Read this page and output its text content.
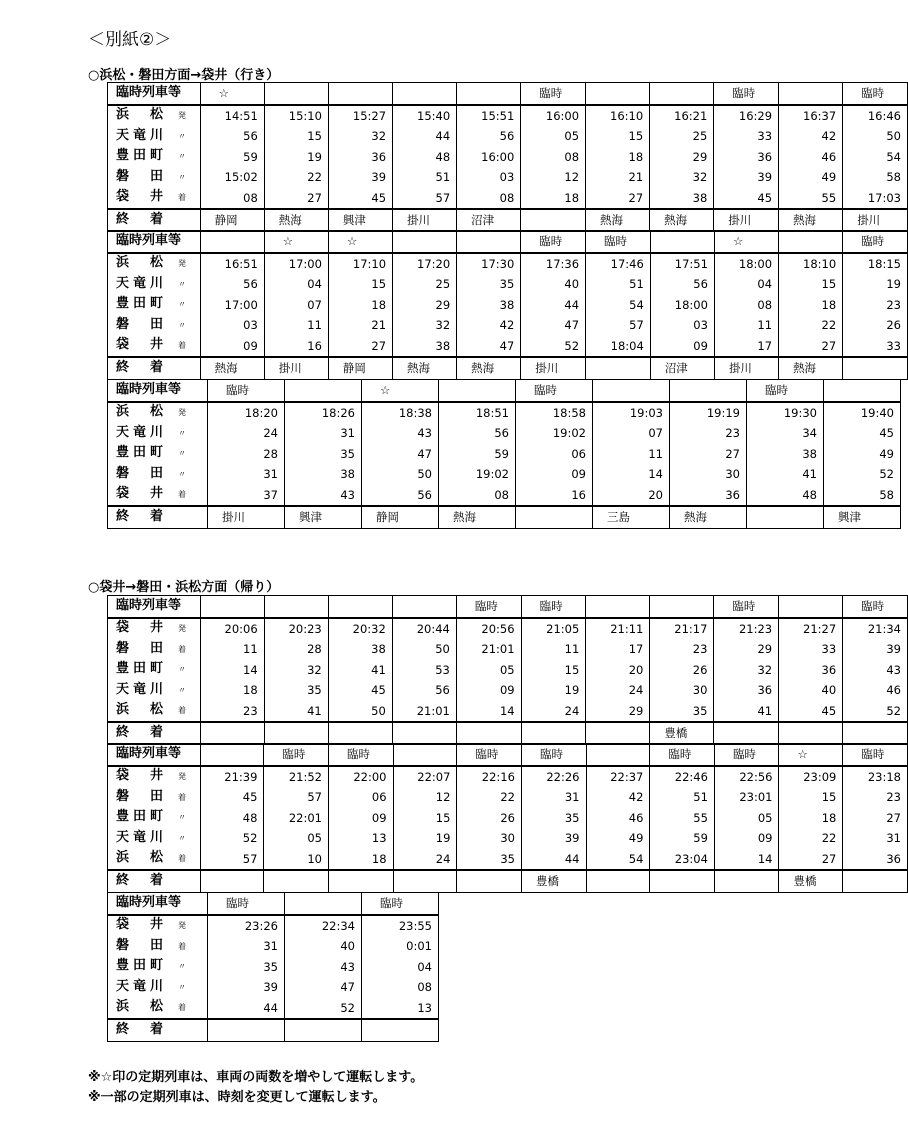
＜別紙②＞
○浜松・磐田方面→袋井（行き）
臨時列車等	☆					臨時			臨時		臨時
浜　松 発	14:51	15:10	15:27	15:40	15:51	16:00	16:10	16:21	16:29	16:37	16:46
天竜川 〃	56	15	32	44	56	05	15	25	33	42	50
豊田町 〃	59	19	36	48	16:00	08	18	29	36	46	54
磐　田 〃	15:02	22	39	51	03	12	21	32	39	49	58
袋　井 着	08	27	45	57	08	18	27	38	45	55	17:03
終　着	静岡	熱海	興津	掛川	沼津		熱海	熱海	掛川	熱海	掛川
臨時列車等		☆	☆			臨時	臨時		☆		臨時
浜　松 発	16:51	17:00	17:10	17:20	17:30	17:36	17:46	17:51	18:00	18:10	18:15
天竜川 〃	56	04	15	25	35	40	51	56	04	15	19
豊田町 〃	17:00	07	18	29	38	44	54	18:00	08	18	23
磐　田 〃	03	11	21	32	42	47	57	03	11	22	26
袋　井 着	09	16	27	38	47	52	18:04	09	17	27	33
終　着	熱海	掛川	静岡	熱海	熱海	掛川		沼津	掛川	熱海	
臨時列車等	臨時		☆		臨時			臨時	
浜　松 発	18:20	18:26	18:38	18:51	18:58	19:03	19:19	19:30	19:40
天竜川 〃	24	31	43	56	19:02	07	23	34	45
豊田町 〃	28	35	47	59	06	11	27	38	49
磐　田 〃	31	38	50	19:02	09	14	30	41	52
袋　井 着	37	43	56	08	16	20	36	48	58
終　着	掛川	興津	静岡	熱海		三島	熱海		興津
○袋井→磐田・浜松方面（帰り）
臨時列車等					臨時	臨時			臨時		臨時
袋　井 発	20:06	20:23	20:32	20:44	20:56	21:05	21:11	21:17	21:23	21:27	21:34
磐　田 着	11	28	38	50	21:01	11	17	23	29	33	39
豊田町 〃	14	32	41	53	05	15	20	26	32	36	43
天竜川 〃	18	35	45	56	09	19	24	30	36	40	46
浜　松 着	23	41	50	21:01	14	24	29	35	41	45	52
終　着								豊橋			
臨時列車等		臨時	臨時		臨時	臨時		臨時	臨時	☆	臨時
袋　井 発	21:39	21:52	22:00	22:07	22:16	22:26	22:37	22:46	22:56	23:09	23:18
磐　田 着	45	57	06	12	22	31	42	51	23:01	15	23
豊田町 〃	48	22:01	09	15	26	35	46	55	05	18	27
天竜川 〃	52	05	13	19	30	39	49	59	09	22	31
浜　松 着	57	10	18	24	35	44	54	23:04	14	27	36
終　着						豊橋				豊橋	
臨時列車等	臨時		臨時
袋　井 発	23:26	22:34	23:55
磐　田 着	31	40	0:01
豊田町 〃	35	43	04
天竜川 〃	39	47	08
浜　松 着	44	52	13
終　着			
※☆印の定期列車は、車両の両数を増やして運転します。
※一部の定期列車は、時刻を変更して運転します。
